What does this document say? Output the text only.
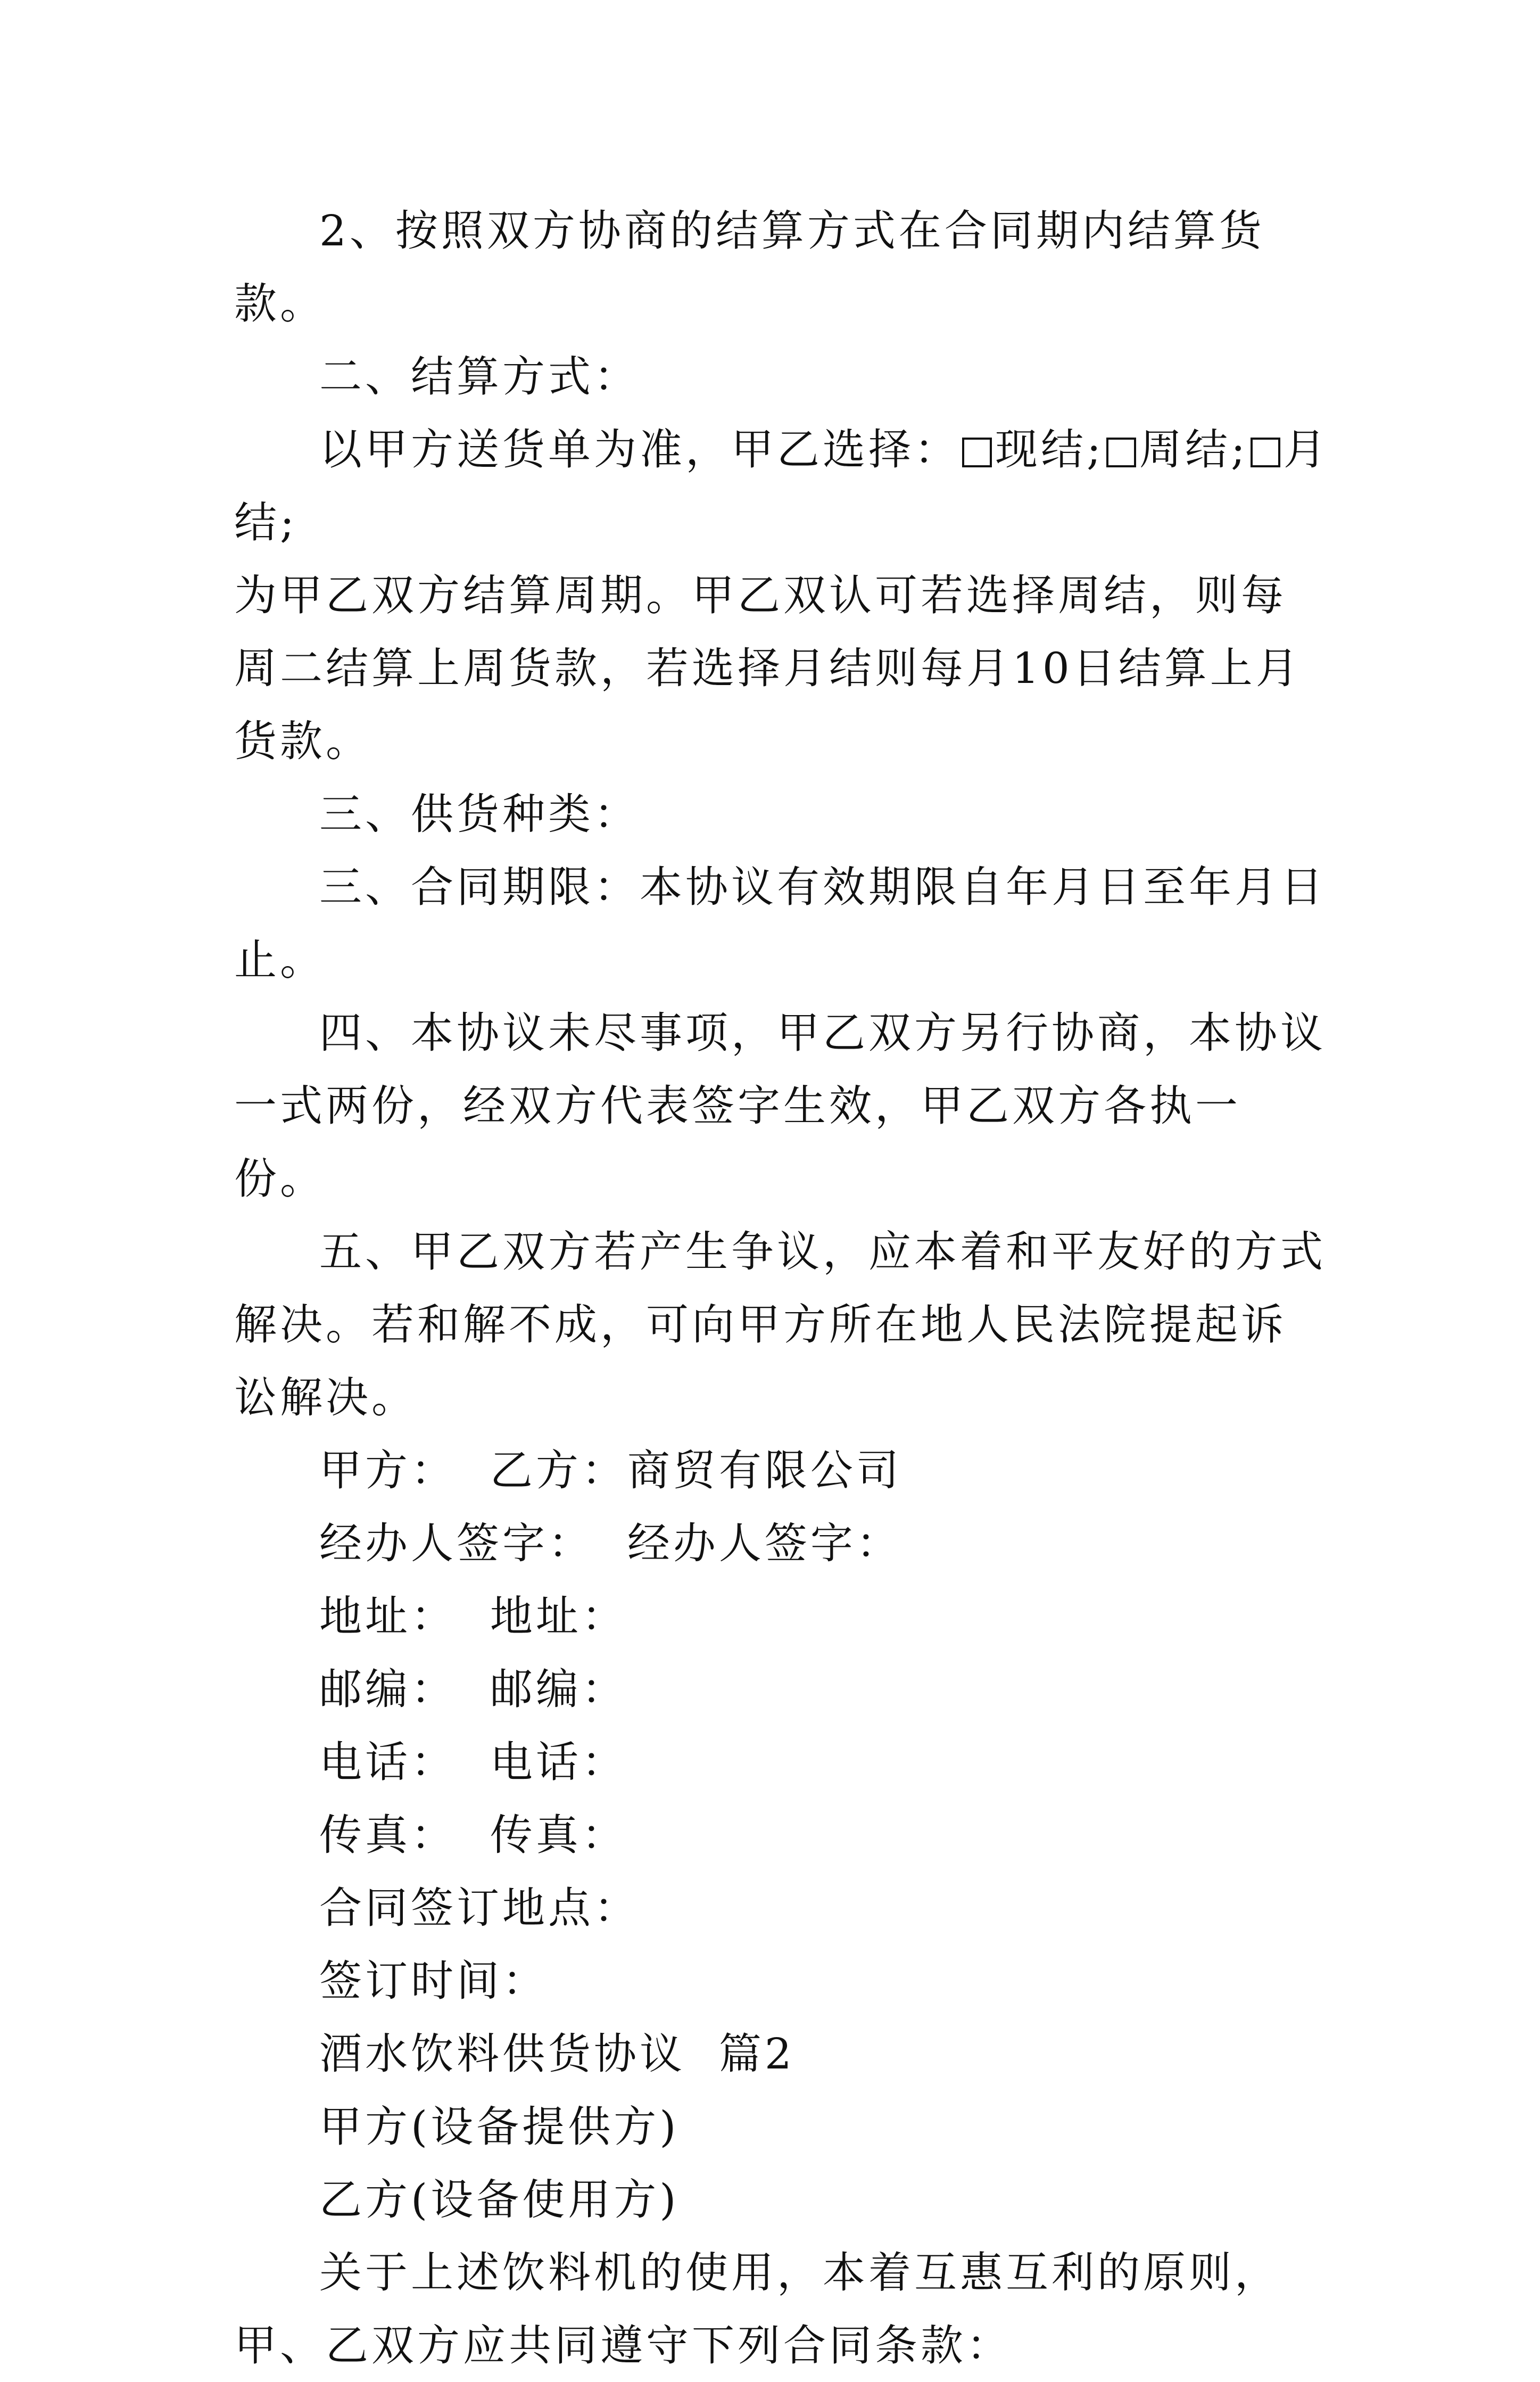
2、按照双方协商的结算方式在合同期内结算货款。

二、结算方式：

以甲方送货单为准，甲乙选择： 现结; 周结; 月结;

为甲乙双方结算周期。甲乙双认可若选择周结，则每周二结算上周货款，若选择月结则每月10日结算上月货款。

三、供货种类：

三、合同期限：本协议有效期限自年月日至年月日止。

四、本协议未尽事项，甲乙双方另行协商，本协议一式两份，经双方代表签字生效，甲乙双方各执一份。

五、甲乙双方若产生争议，应本着和平友好的方式解决。若和解不成，可向甲方所在地人民法院提起诉讼解决。

甲方：  乙方：商贸有限公司

经办人签字：  经办人签字：

地址：  地址：

邮编：  邮编：

电话：  电话：

传真：  传真：

合同签订地点：

签订时间：

酒水饮料供货协议  篇2

甲方(设备提供方)

乙方(设备使用方)

关于上述饮料机的使用，本着互惠互利的原则，甲、乙双方应共同遵守下列合同条款：
